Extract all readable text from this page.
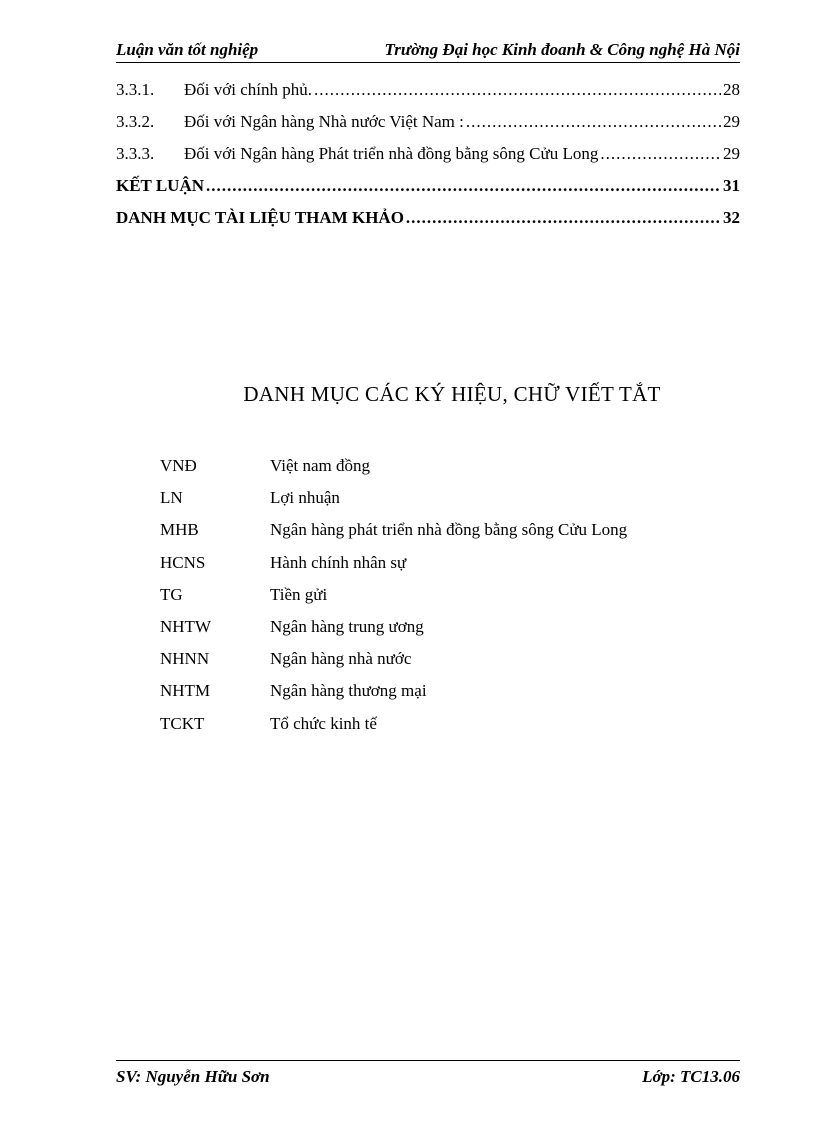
Luận văn tốt nghiệp	Trường Đại học Kinh đoanh & Công nghệ Hà Nội
3.3.1.	Đối với chính phủ. .....	28
3.3.2.	Đối với Ngân hàng Nhà nước Việt Nam : .....	29
3.3.3.	Đối với Ngân hàng Phát triển nhà đồng bằng sông Cửu Long .....	29
KẾT LUẬN .....	31
DANH MỤC TÀI LIỆU THAM KHẢO .....	32
DANH MỤC CÁC KÝ HIỆU, CHỮ VIẾT TẮT
VNĐ	Việt nam đồng
LN	Lợi nhuận
MHB	Ngân hàng phát triển nhà đồng bằng sông Cửu Long
HCNS	Hành chính nhân sự
TG	Tiền gửi
NHTW	Ngân hàng trung ương
NHNN	Ngân hàng nhà nước
NHTM	Ngân hàng thương mại
TCKT	Tổ chức kinh tế
SV: Nguyễn Hữu Sơn	Lớp: TC13.06
